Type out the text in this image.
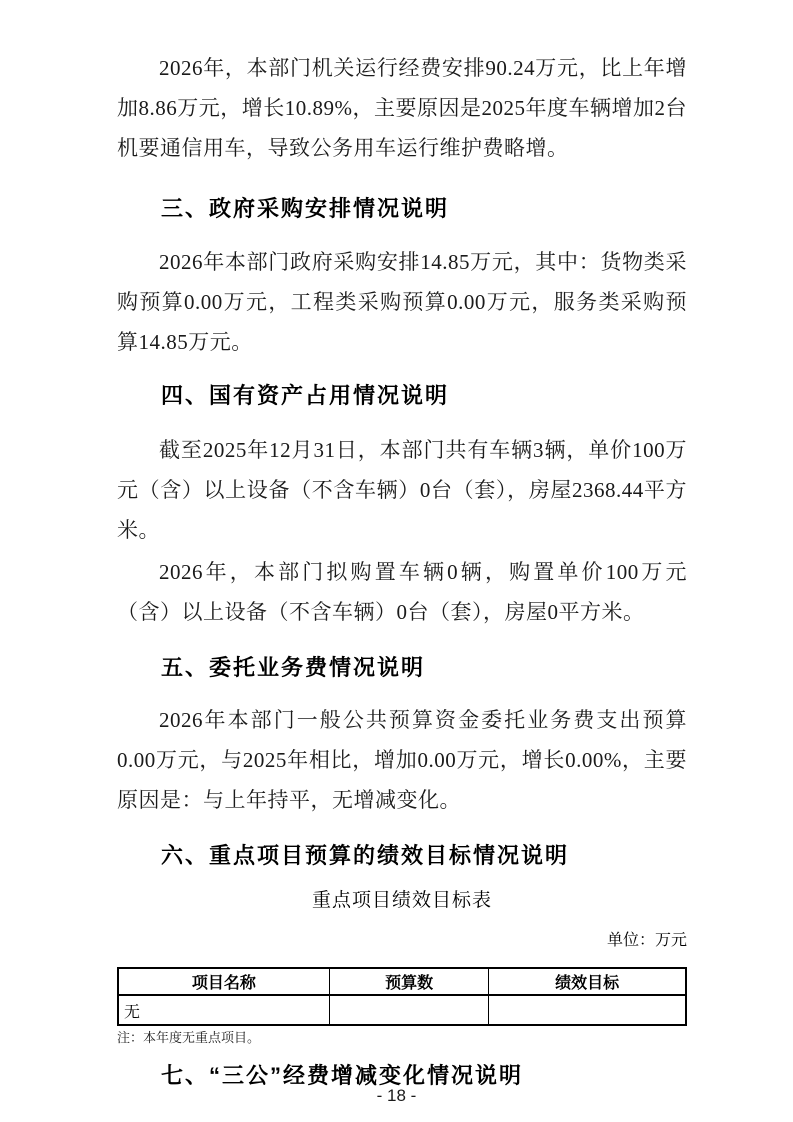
2026年，本部门机关运行经费安排90.24万元，比上年增加8.86万元，增长10.89%，主要原因是2025年度车辆增加2台机要通信用车，导致公务用车运行维护费略增。

三、政府采购安排情况说明

2026年本部门政府采购安排14.85万元，其中：货物类采购预算0.00万元，工程类采购预算0.00万元，服务类采购预算14.85万元。

四、国有资产占用情况说明

截至2025年12月31日，本部门共有车辆3辆，单价100万元（含）以上设备（不含车辆）0台（套），房屋2368.44平方米。

2026年，本部门拟购置车辆0辆，购置单价100万元（含）以上设备（不含车辆）0台（套），房屋0平方米。

五、委托业务费情况说明

2026年本部门一般公共预算资金委托业务费支出预算0.00万元，与2025年相比，增加0.00万元，增长0.00%，主要原因是：与上年持平，无增减变化。

六、重点项目预算的绩效目标情况说明
重点项目绩效目标表
单位：万元
项目名称	预算数	绩效目标
无		
注：本年度无重点项目。
七、“三公”经费增减变化情况说明
- 18 -
